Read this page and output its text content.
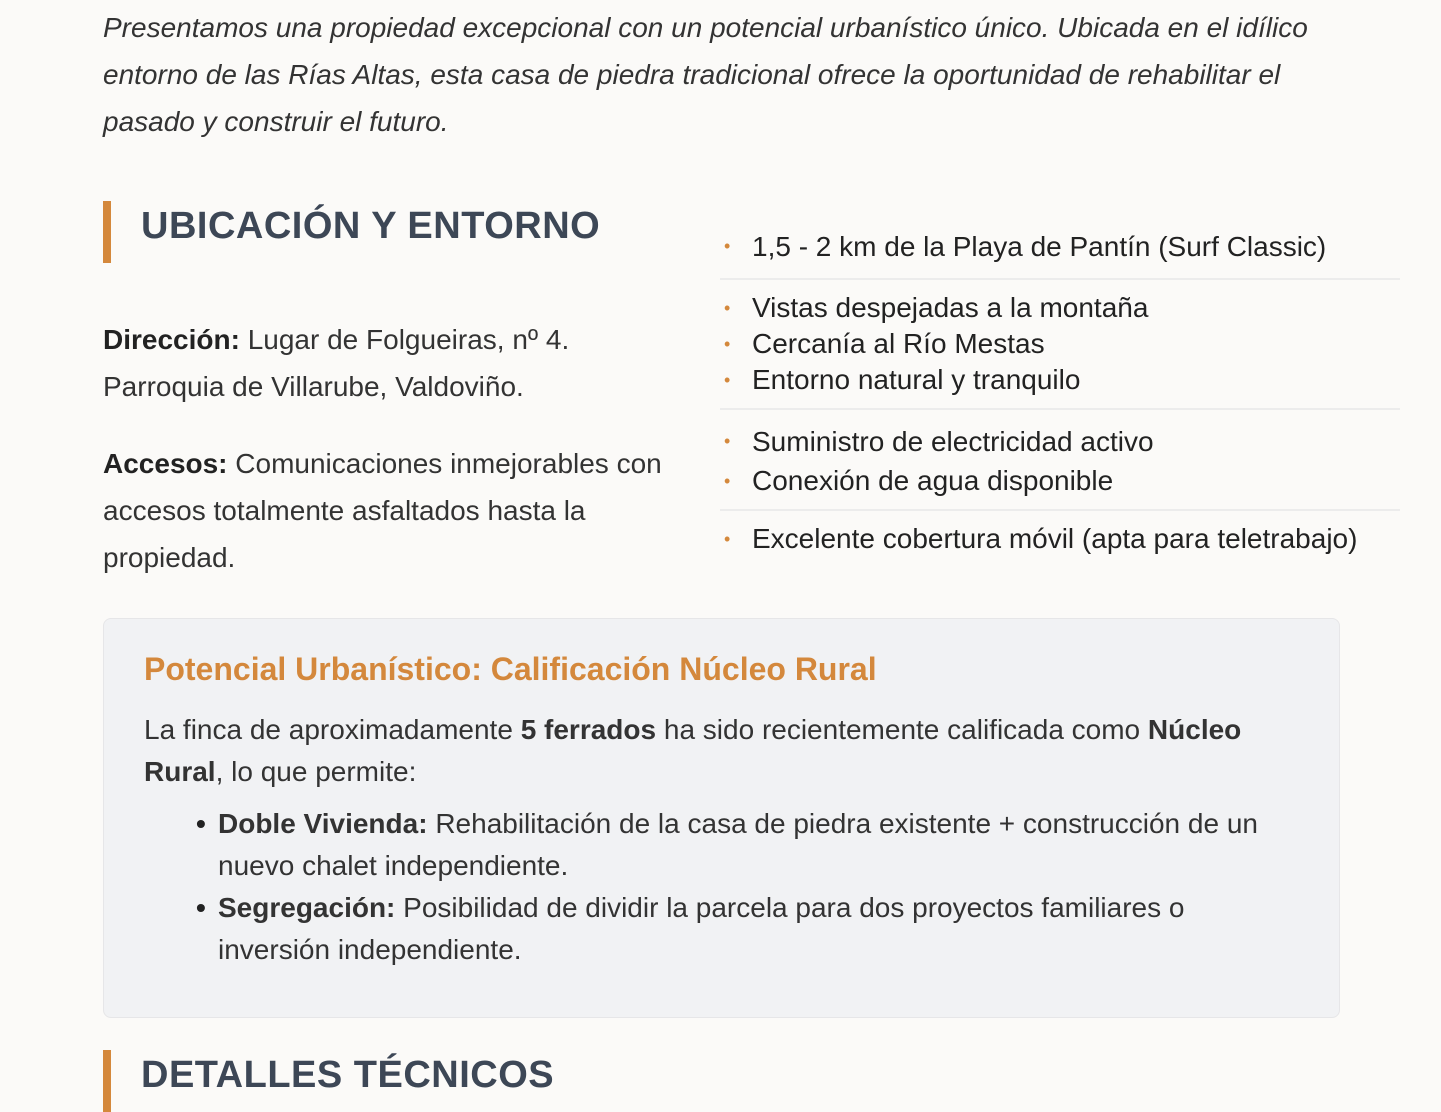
Presentamos una propiedad excepcional con un potencial urbanístico único. Ubicada en el idílico entorno de las Rías Altas, esta casa de piedra tradicional ofrece la oportunidad de rehabilitar el pasado y construir el futuro.

UBICACIÓN Y ENTORNO

Dirección: Lugar de Folgueiras, nº 4. Parroquia de Villarube, Valdoviño.

Accesos: Comunicaciones inmejorables con accesos totalmente asfaltados hasta la propiedad.

• 1,5 - 2 km de la Playa de Pantín (Surf Classic)
• Vistas despejadas a la montaña
• Cercanía al Río Mestas
• Entorno natural y tranquilo
• Suministro de electricidad activo
• Conexión de agua disponible
• Excelente cobertura móvil (apta para teletrabajo)
Potencial Urbanístico: Calificación Núcleo Rural

La finca de aproximadamente 5 ferrados ha sido recientemente calificada como Núcleo Rural, lo que permite:

• Doble Vivienda: Rehabilitación de la casa de piedra existente + construcción de un nuevo chalet independiente.
• Segregación: Posibilidad de dividir la parcela para dos proyectos familiares o inversión independiente.
DETALLES TÉCNICOS
